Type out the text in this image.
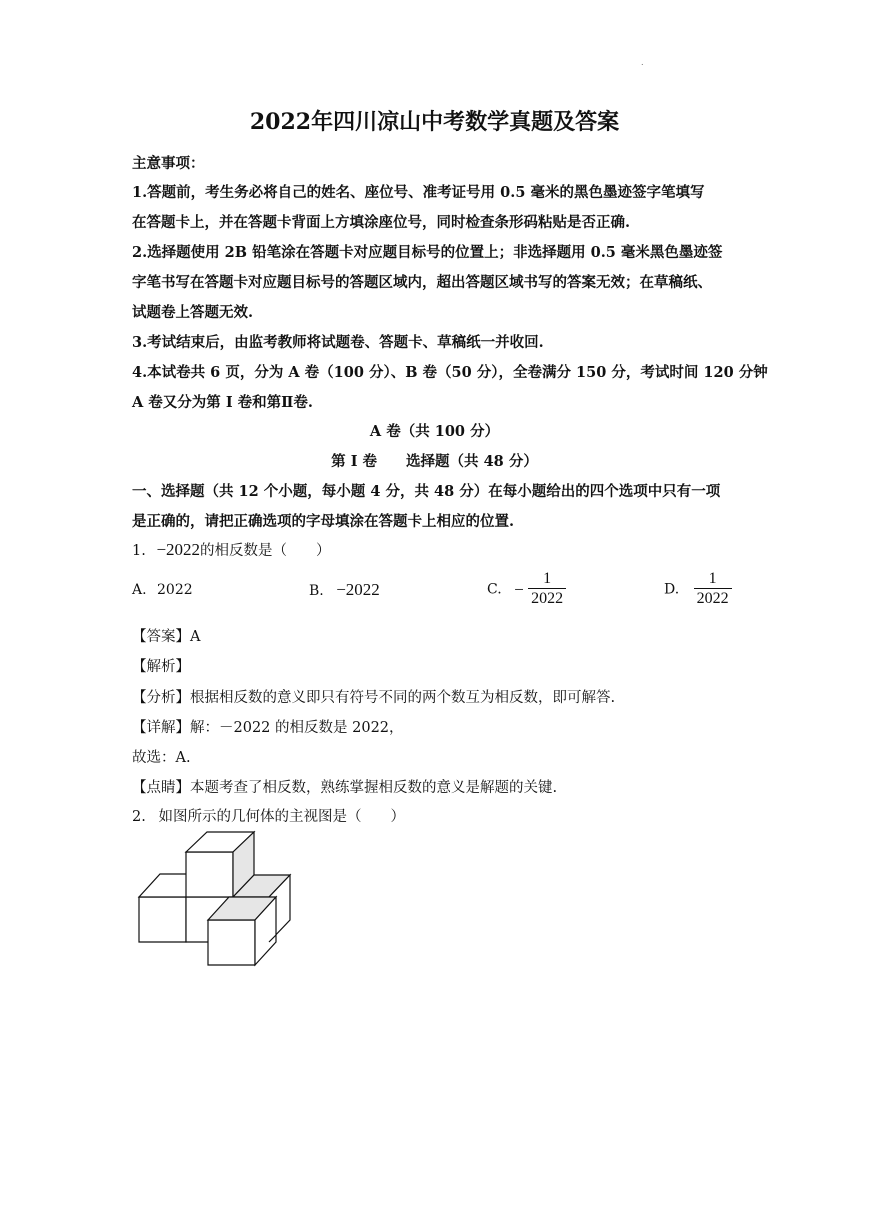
.
2022年四川凉山中考数学真题及答案
主意事项：
1.答题前，考生务必将自己的姓名、座位号、准考证号用 0.5 毫米的黑色墨迹签字笔填写
在答题卡上，并在答题卡背面上方填涂座位号，同时检查条形码粘贴是否正确.
2.选择题使用 2B 铅笔涂在答题卡对应题目标号的位置上；非选择题用 0.5 毫米黑色墨迹签
字笔书写在答题卡对应题目标号的答题区域内，超出答题区域书写的答案无效；在草稿纸、
试题卷上答题无效.
3.考试结束后，由监考教师将试题卷、答题卡、草稿纸一并收回.
4.本试卷共 6 页，分为 A 卷（100 分）、B 卷（50 分），全卷满分 150 分，考试时间 120 分钟
A 卷又分为第 I 卷和第Ⅱ卷.
A 卷（共 100 分）
第 I 卷　　选择题（共 48 分）
一、选择题（共 12 个小题，每小题 4 分，共 48 分）在每小题给出的四个选项中只有一项
是正确的，请把正确选项的字母填涂在答题卡上相应的位置.
1. −2022的相反数是（　　）
A. 2022	B. −2022	C. − $\frac{1}{2022}$	D. $\frac{1}{2022}$
【答案】A
【解析】
【分析】根据相反数的意义即只有符号不同的两个数互为相反数，即可解答.
【详解】解：－2022 的相反数是 2022，
故选：A.
【点睛】本题考查了相反数，熟练掌握相反数的意义是解题的关键.
2. 如图所示的几何体的主视图是（　　）
